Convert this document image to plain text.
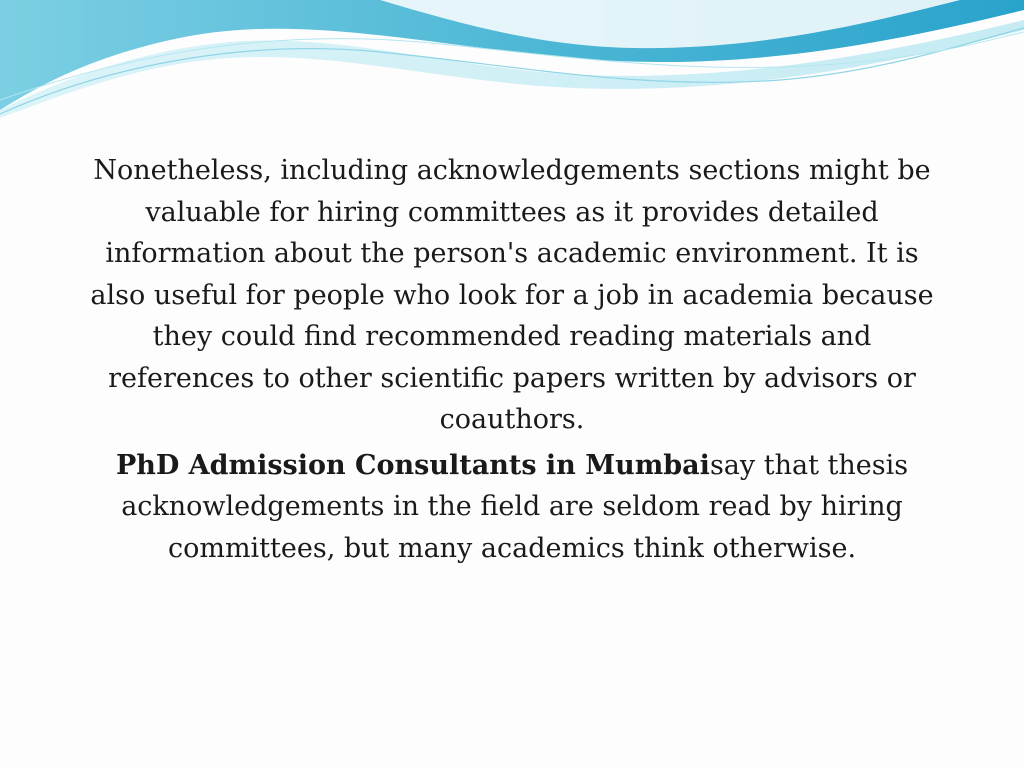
Nonetheless, including acknowledgements sections might be valuable for hiring committees as it provides detailed information about the person's academic environment. It is also useful for people who look for a job in academia because they could find recommended reading materials and references to other scientific papers written by advisors or coauthors.

PhD Admission Consultants in Mumbaisay that thesis acknowledgements in the field are seldom read by hiring committees, but many academics think otherwise.
